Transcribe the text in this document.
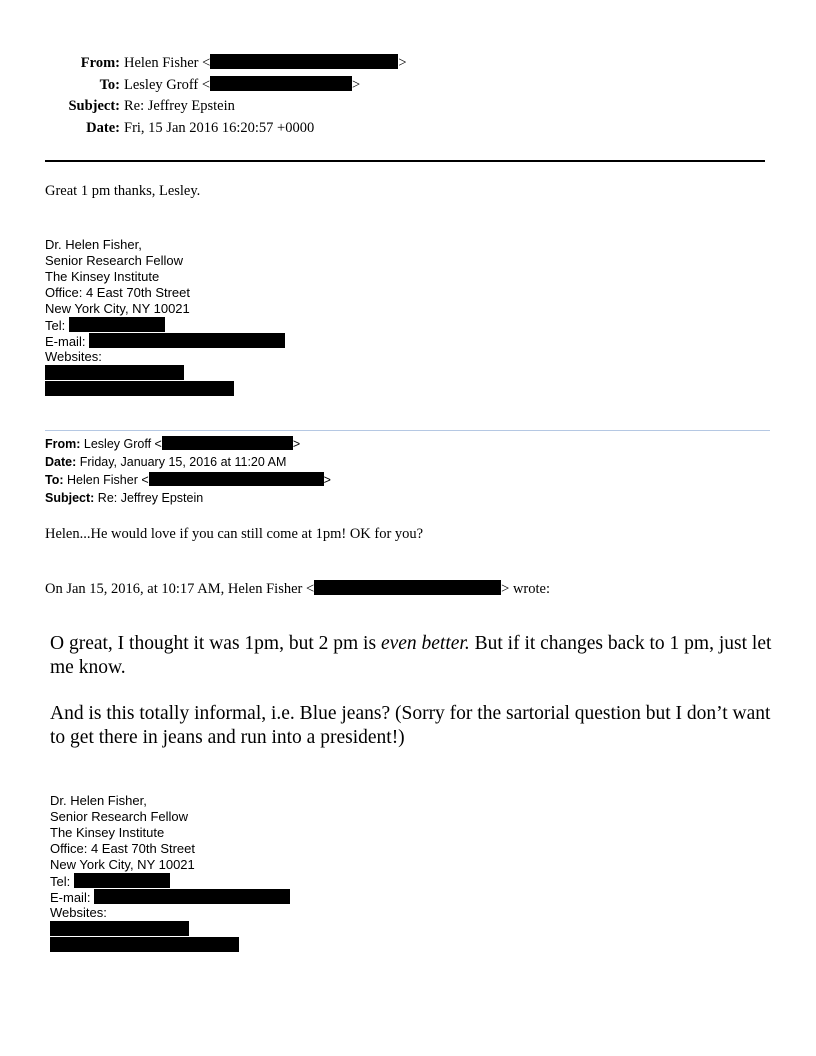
From: Helen Fisher <	>
To: Lesley Groff <	>
Subject: Re: Jeffrey Epstein
Date: Fri, 15 Jan 2016 16:20:57 +0000
Great 1 pm thanks, Lesley.
Dr. Helen Fisher,
Senior Research Fellow
The Kinsey Institute
Office: 4 East 70th Street
New York City, NY 10021
Tel:
E-mail:
Websites:
From: Lesley Groff <	>
Date: Friday, January 15, 2016 at 11:20 AM
To: Helen Fisher <	>
Subject: Re: Jeffrey Epstein
Helen...He would love if you can still come at 1pm! OK for you?
On Jan 15, 2016, at 10:17 AM, Helen Fisher <	> wrote:
O great, I thought it was 1pm, but 2 pm is even better. But if it changes back to 1 pm, just let me know.
And is this totally informal, i.e. Blue jeans? (Sorry for the sartorial question but I don’t want to get there in jeans and run into a president!)
Dr. Helen Fisher,
Senior Research Fellow
The Kinsey Institute
Office: 4 East 70th Street
New York City, NY 10021
Tel:
E-mail:
Websites:
